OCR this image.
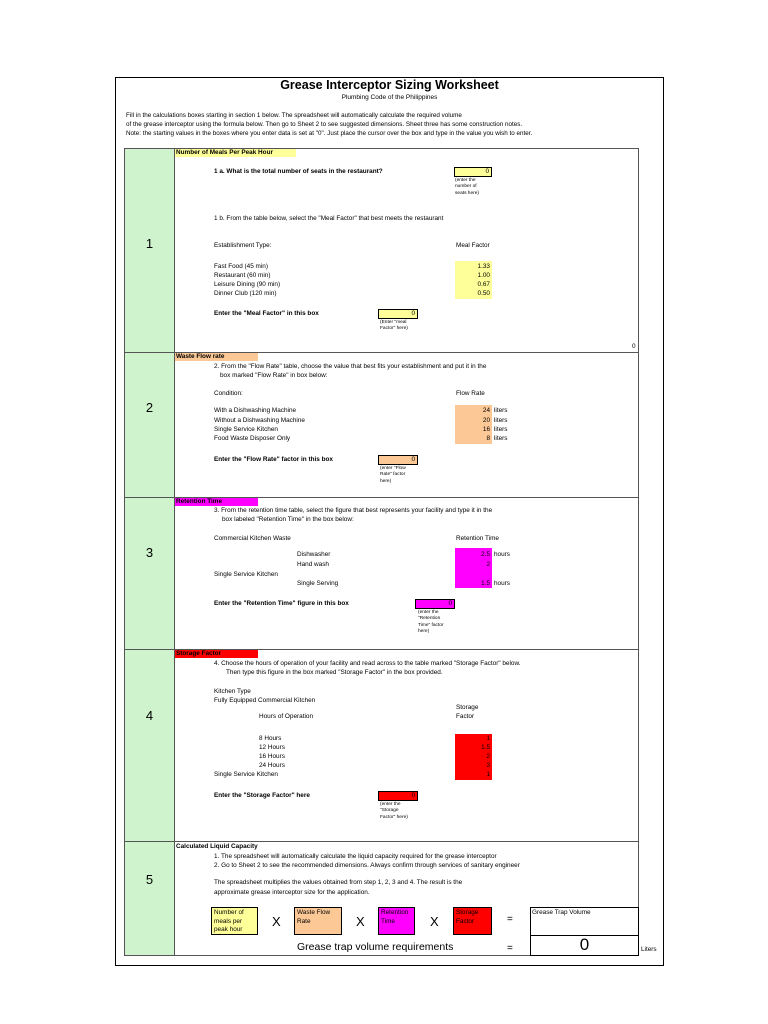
Grease Interceptor Sizing Worksheet
Plumbing Code of the Philippines
Fill in the calculations boxes starting in section 1 below. The spreadsheet will automatically calculate the required volume
of the grease interceptor using the formula below. Then go to Sheet 2 to see suggested dimensions. Sheet three has some construction notes.
Note: the starting values in the boxes where you enter data is set at "0". Just place the cursor over the box and type in the value you wish to enter.
1
Number of Meals Per Peak Hour
1 a. What is the total number of seats in the restaurant?	0
(enter the
number of
seats here)
1 b. From the table below, select the "Meal Factor" that best meets the restaurant
Establishment Type:	Meal Factor
Fast Food (45 min)	1.33
Restaurant (60 min)	1.00
Leisure Dining (90 min)	0.67
Dinner Club (120 min)	0.50
Enter the "Meal Factor" in this box	0
(Enter "meal
Factor" here)
0
2
Waste Flow rate
2. From the "Flow Rate" table, choose the value that best fits your establishment and put it in the
box marked "Flow Rate" in box below:
Condition:	Flow Rate
With a Dishwashing Machine	24 liters
Without a Dishwashing Machine	20 liters
Single Service Kitchen	16 liters
Food Waste Disposer Only	8 liters
Enter the "Flow Rate" factor in this box	0
(enter "Flow
Rate" factor
here)
3
Retention Time
3. From the retention time table, select the figure that best represents your facility and type it in the
box labeled "Retention Time" in the box below:
Commercial Kitchen Waste	Retention Time
Dishwasher	2.5 hours
Hand wash	2
Single Service Kitchen
Single Serving	1.5 hours
Enter the "Retention Time" figure in this box	0
(enter the
"Retention
Time" factor
here)
4
Storage Factor
4. Choose the hours of operation of your facility and read across to the table marked "Storage Factor" below.
Then type this figure in the box marked "Storage Factor" in the box provided.
Kitchen Type
Fully Equipped Commercial Kitchen
Storage
Factor
Hours of Operation
8 Hours	1
12 Hours	1.5
16 Hours	2
24 Hours	3
Single Service Kitchen	1
Enter the "Storage Factor" here	0
(enter the
"Storage
Factor" here)
5
Calculated Liquid Capacity
1. The spreadsheet will automatically calculate the liquid capacity required for the grease interceptor
2. Go to Sheet 2 to see the recommended dimensions. Always confirm through services of sanitary engineer
The spreadsheet multiplies the values obtained from step 1, 2, 3 and 4. The result is the
approximate grease interceptor size for the application.
Number of meals per peak hour
X
Waste Flow Rate	X
Retention Time	X
Storage Factor	=
Grease Trap Volume
0
Grease trap volume requirements	=	Liters
